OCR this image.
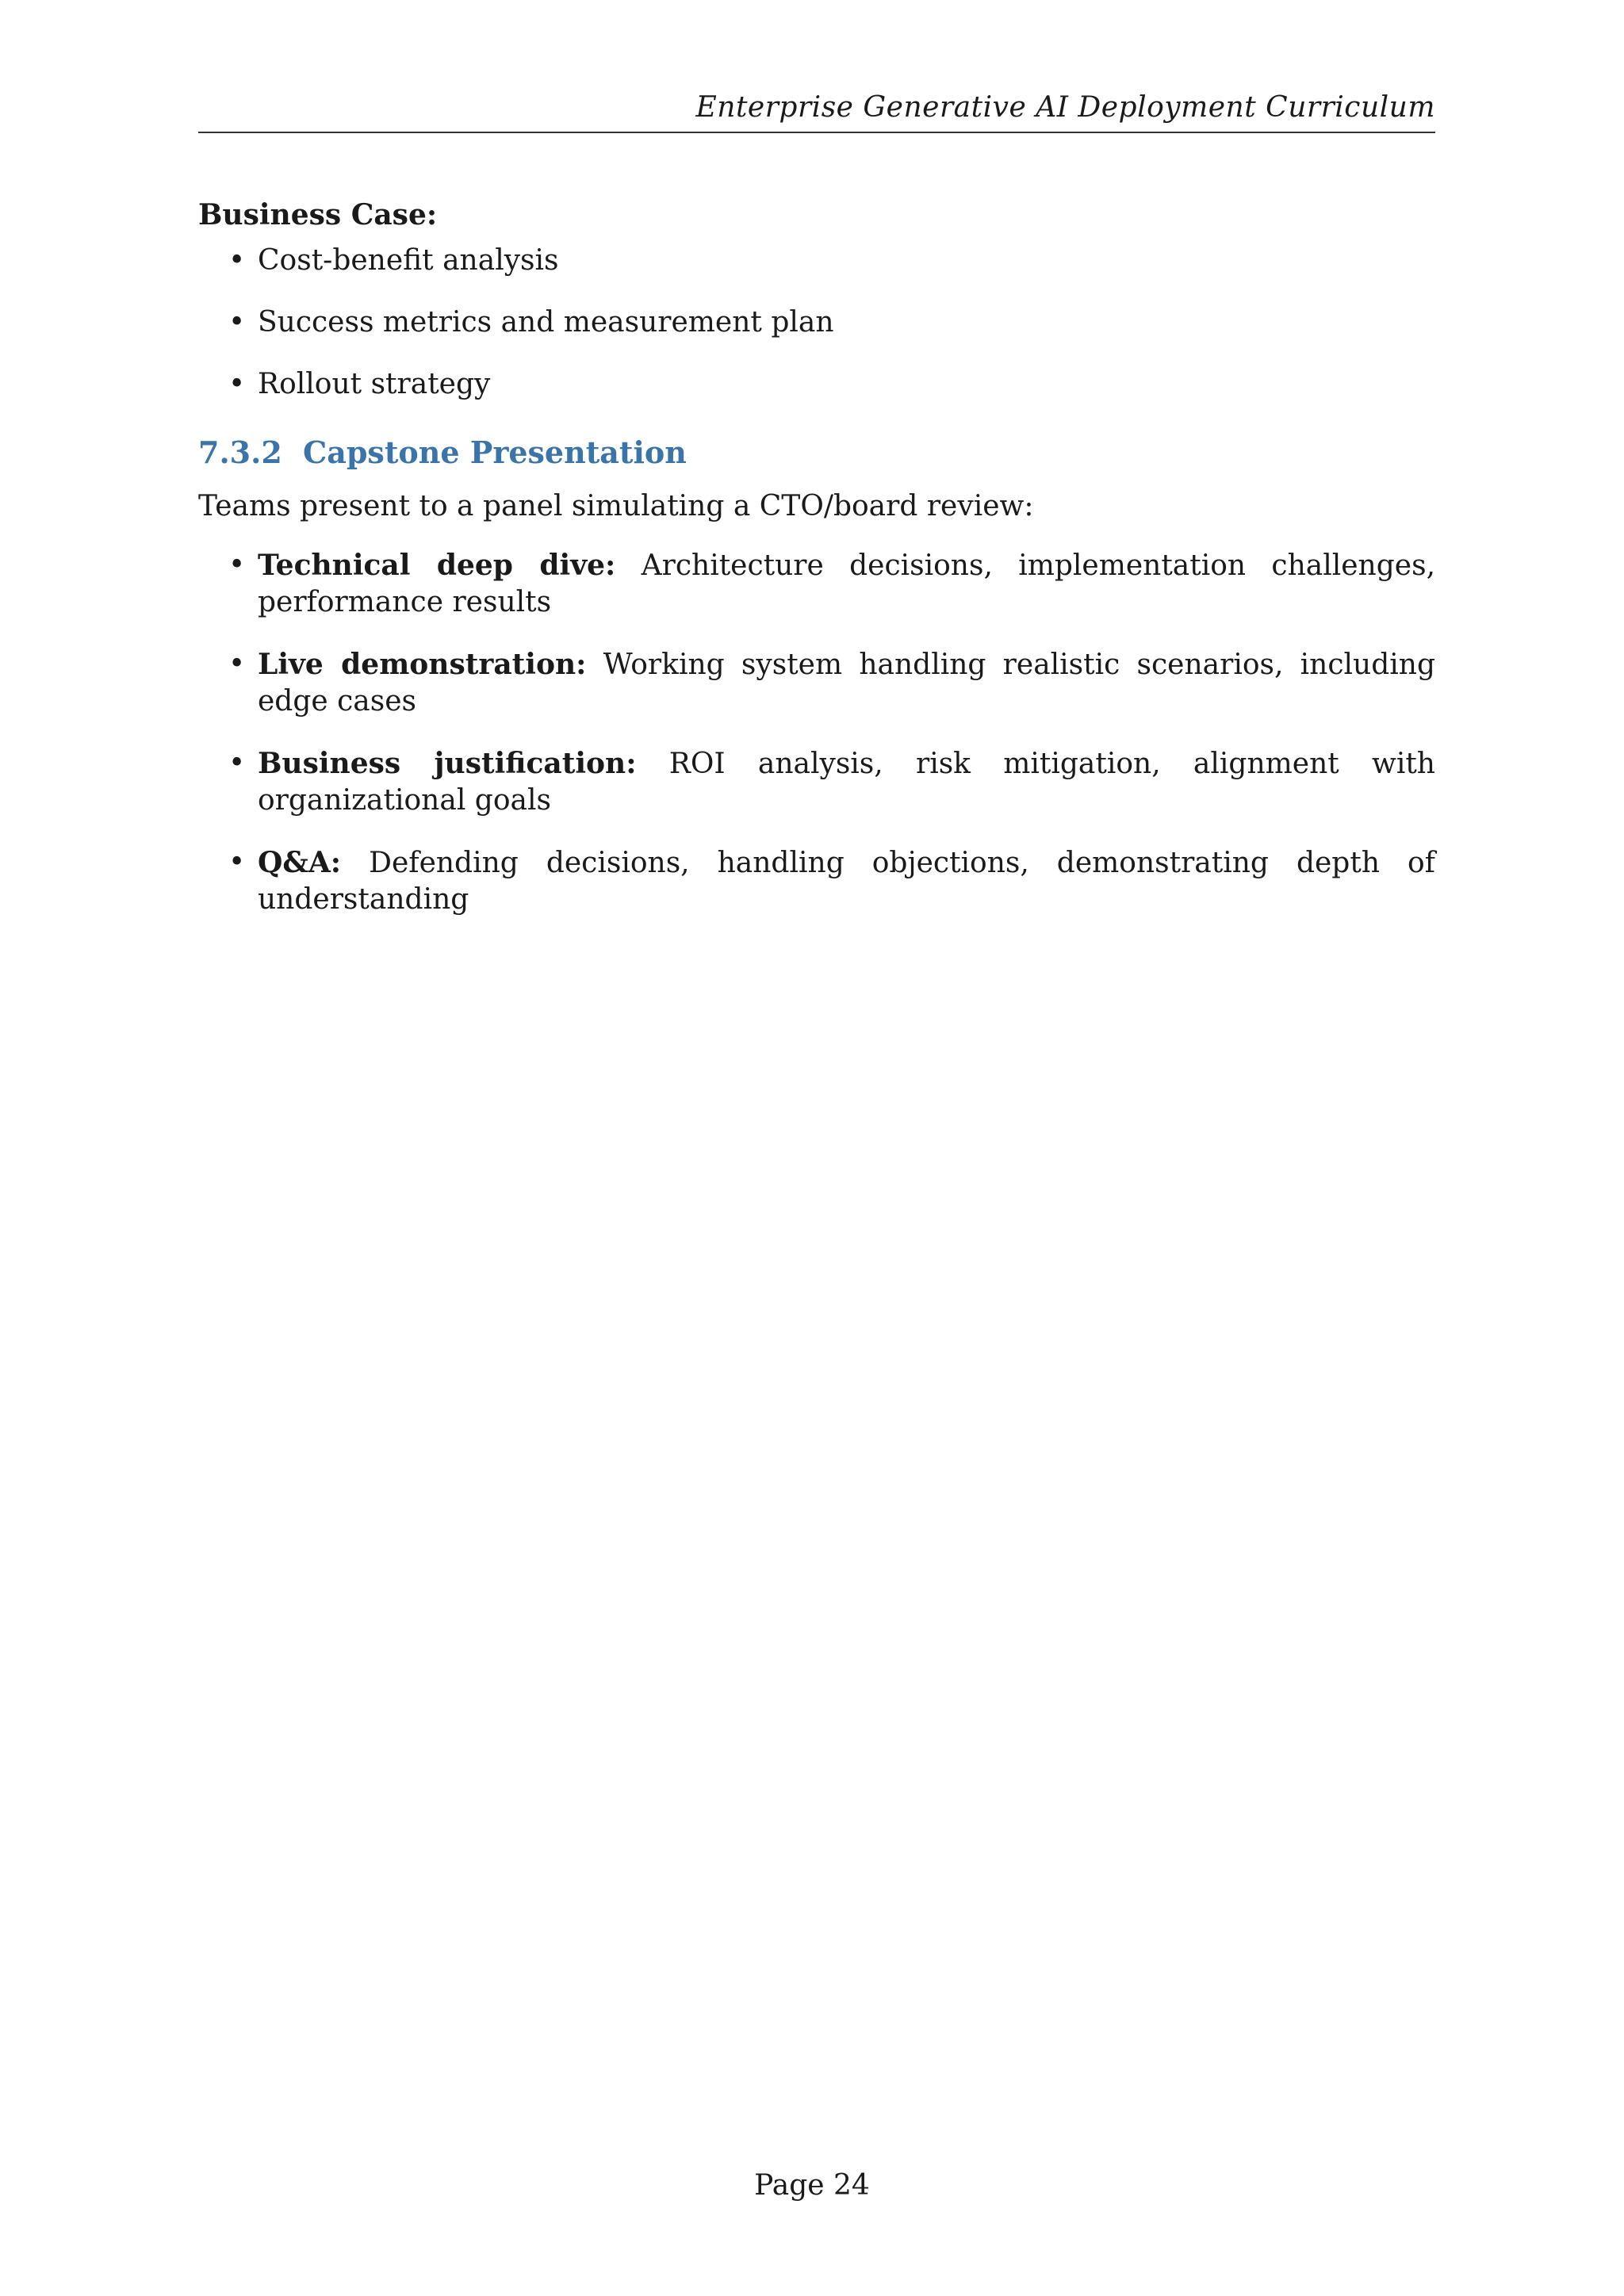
Enterprise Generative AI Deployment Curriculum

Business Case:

• Cost-benefit analysis
• Success metrics and measurement plan
• Rollout strategy
7.3.2 Capstone Presentation

Teams present to a panel simulating a CTO/board review:

• Technical deep dive: Architecture decisions, implementation challenges, performance results
• Live demonstration: Working system handling realistic scenarios, including edge cases
• Business justification: ROI analysis, risk mitigation, alignment with organizational goals
• Q&A: Defending decisions, handling objections, demonstrating depth of understanding
Page 24
